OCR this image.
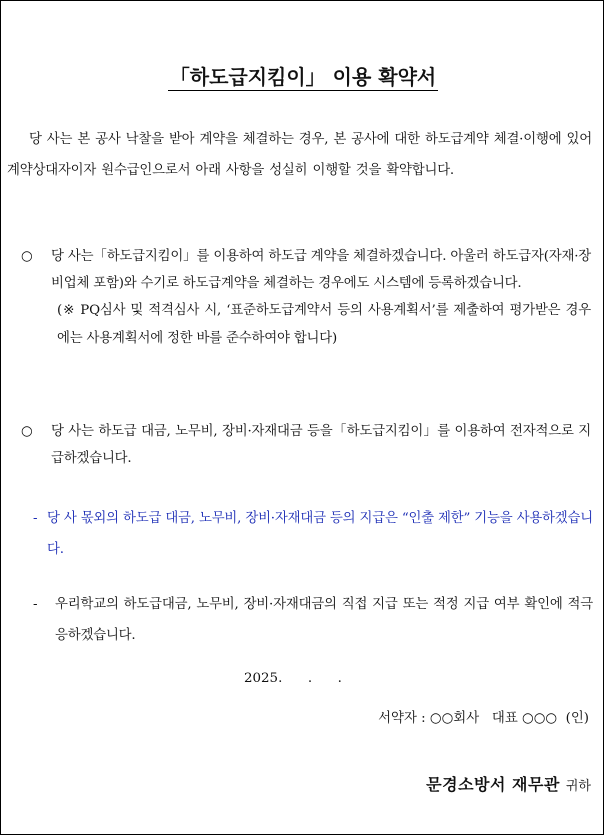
「하도급지킴이」 이용 확약서
당 사는 본 공사 낙찰을 받아 계약을 체결하는 경우, 본 공사에 대한 하도급계약 체결·이행에 있어 계약상대자이자 원수급인으로서 아래 사항을 성실히 이행할 것을 확약합니다.
○	당 사는「하도급지킴이」를 이용하여 하도급 계약을 체결하겠습니다. 아울러 하도급자(자재·장비업체 포함)와 수기로 하도급계약을 체결하는 경우에도 시스템에 등록하겠습니다.
(※ PQ심사 및 적격심사 시, ‘표준하도급계약서 등의 사용계획서’를 제출하여 평가받은 경우에는 사용계획서에 정한 바를 준수하여야 합니다)
○	당 사는 하도급 대금, 노무비, 장비·자재대금 등을「하도급지킴이」를 이용하여 전자적으로 지급하겠습니다.
- 당 사 몫외의 하도급 대금, 노무비, 장비·자재대금 등의 지급은 “인출 제한” 기능을 사용하겠습니다.
- 우리학교의 하도급대금, 노무비, 장비·자재대금의 직접 지급 또는 적정 지급 여부 확인에 적극 응하겠습니다.
2025.      .      .
서약자 : ○○회사   대표 ○○○  (인)
문경소방서 재무관 귀하
